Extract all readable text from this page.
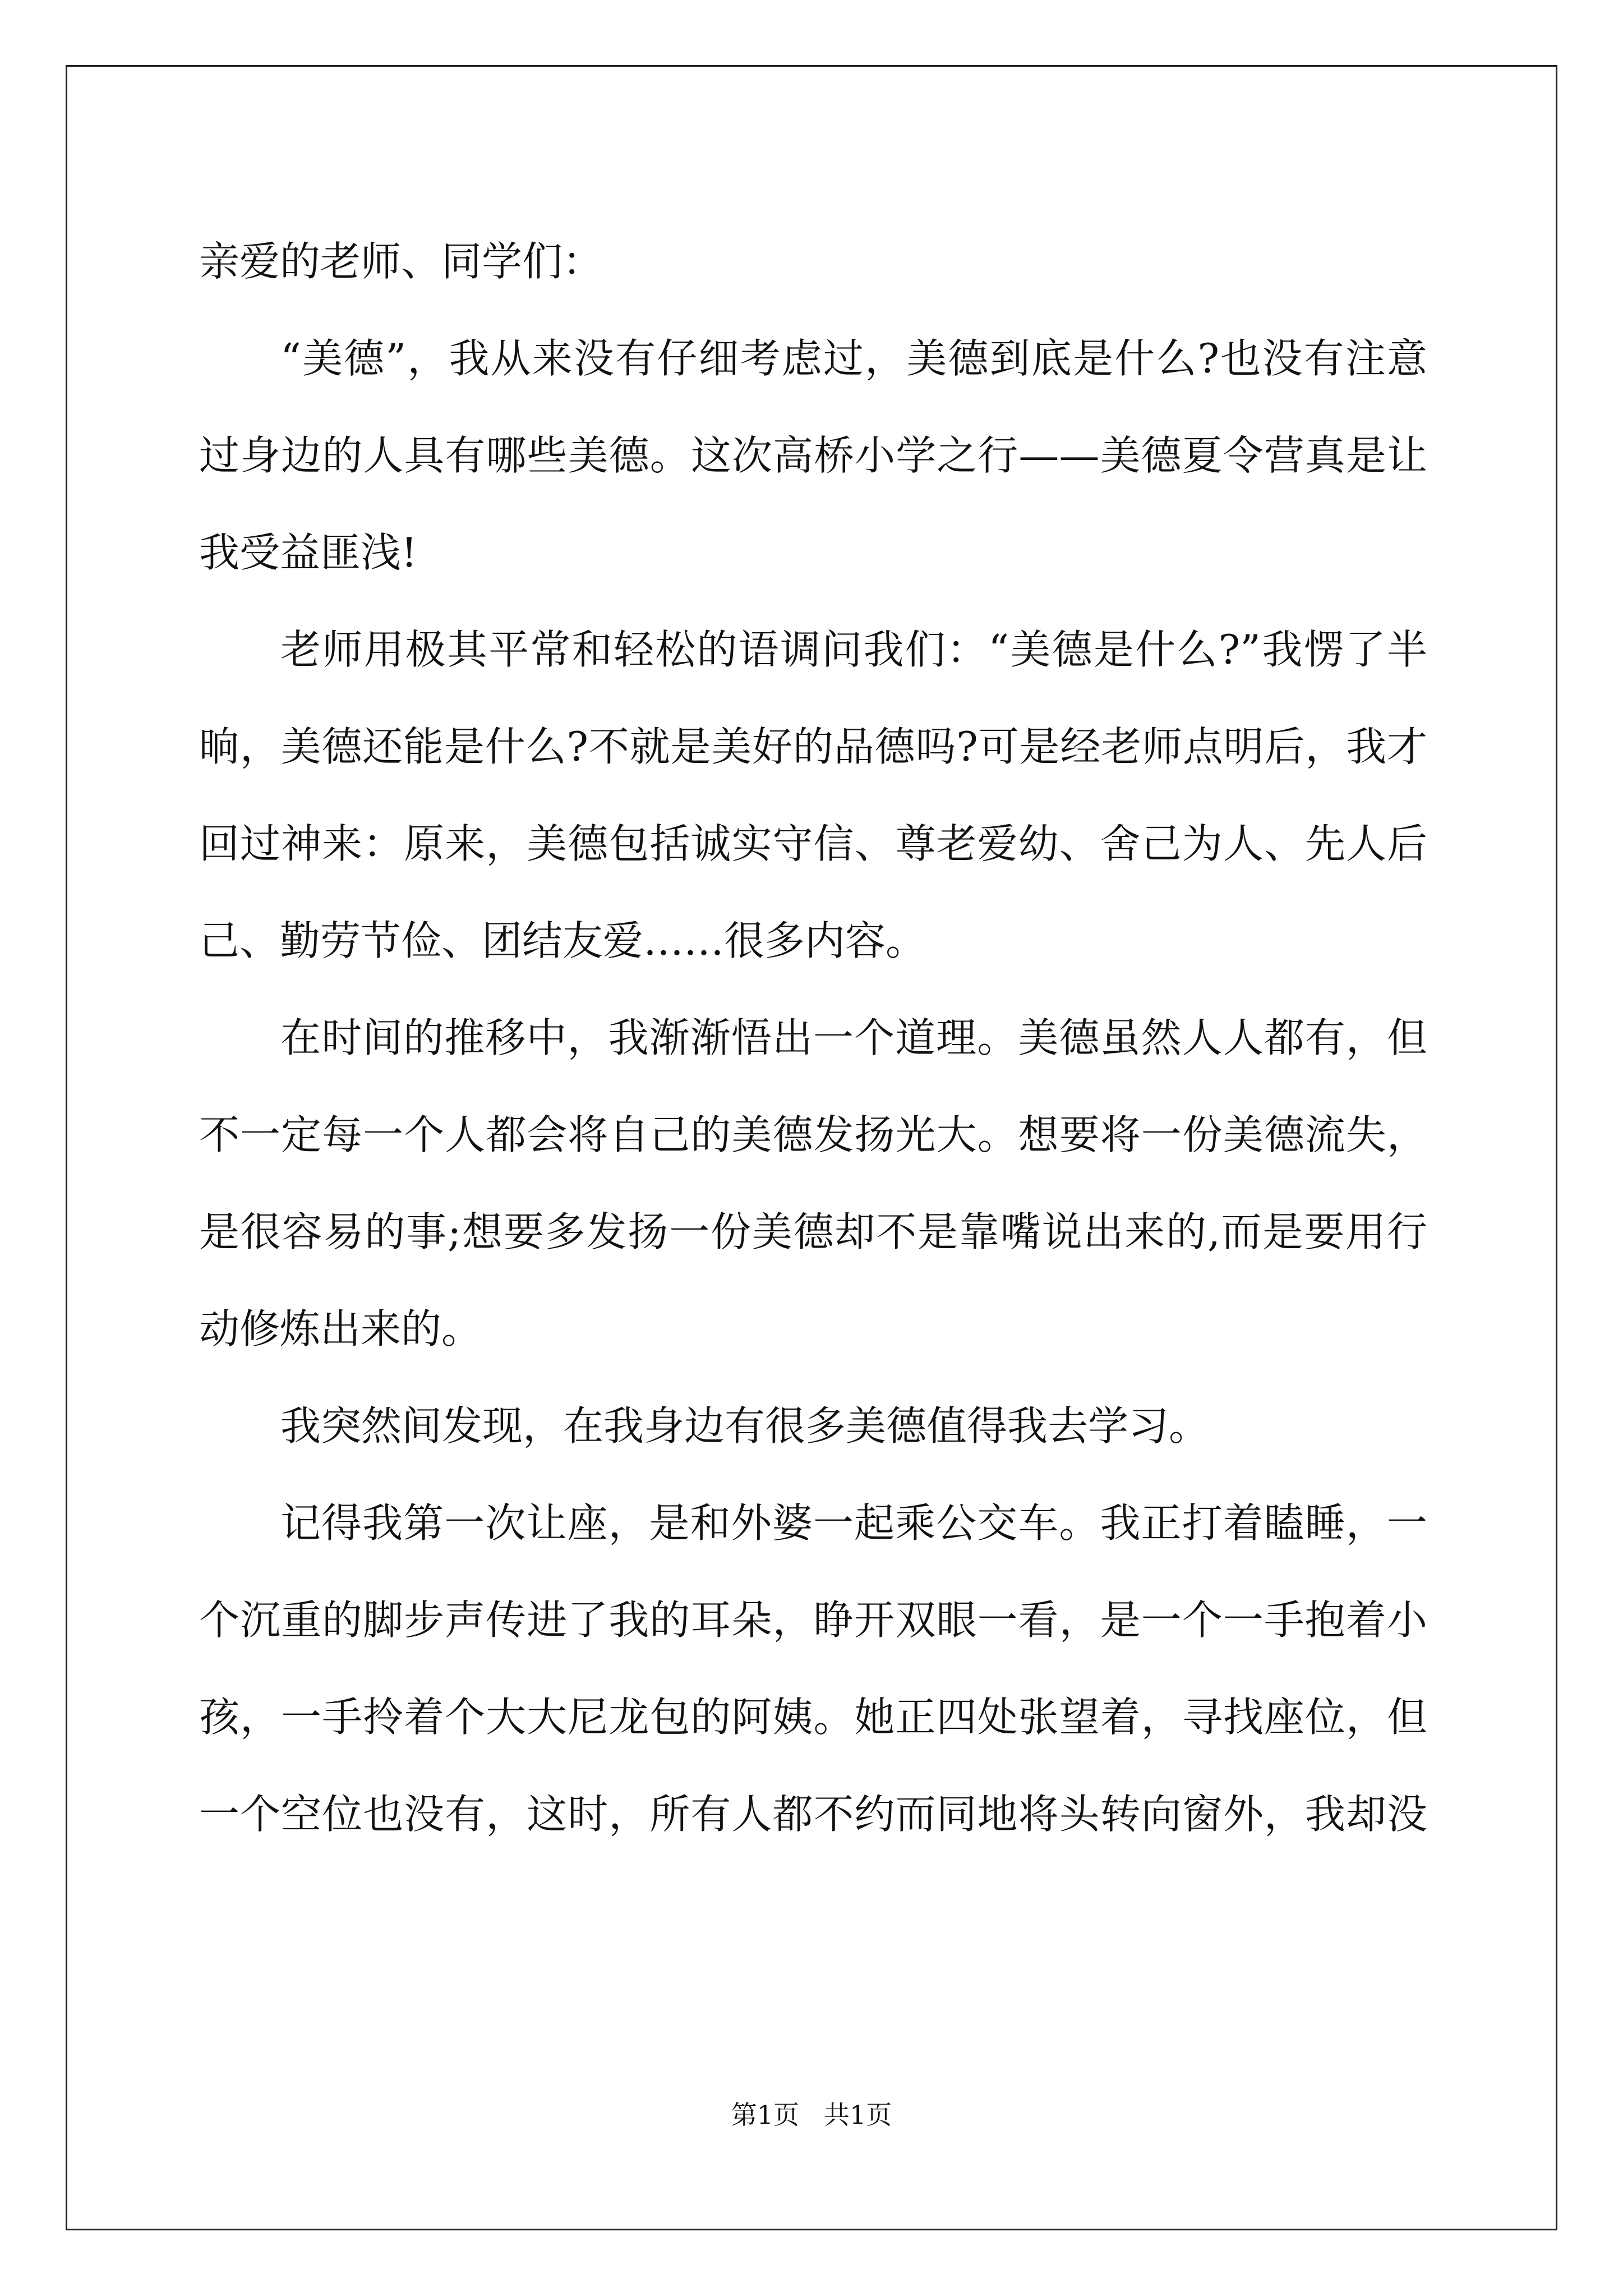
亲爱的老师、同学们：
“美德”，我从来没有仔细考虑过，美德到底是什么?也没有注意
过身边的人具有哪些美德。这次高桥小学之行——美德夏令营真是让
我受益匪浅!
老师用极其平常和轻松的语调问我们：“美德是什么?”我愣了半
晌，美德还能是什么?不就是美好的品德吗?可是经老师点明后，我才
回过神来：原来，美德包括诚实守信、尊老爱幼、舍己为人、先人后
己、勤劳节俭、团结友爱……很多内容。
在时间的推移中，我渐渐悟出一个道理。美德虽然人人都有，但
不一定每一个人都会将自己的美德发扬光大。想要将一份美德流失，
是很容易的事;想要多发扬一份美德却不是靠嘴说出来的,而是要用行
动修炼出来的。
我突然间发现，在我身边有很多美德值得我去学习。
记得我第一次让座，是和外婆一起乘公交车。我正打着瞌睡，一
个沉重的脚步声传进了我的耳朵，睁开双眼一看，是一个一手抱着小
孩，一手拎着个大大尼龙包的阿姨。她正四处张望着，寻找座位，但
一个空位也没有，这时，所有人都不约而同地将头转向窗外，我却没
第1页 共1页
